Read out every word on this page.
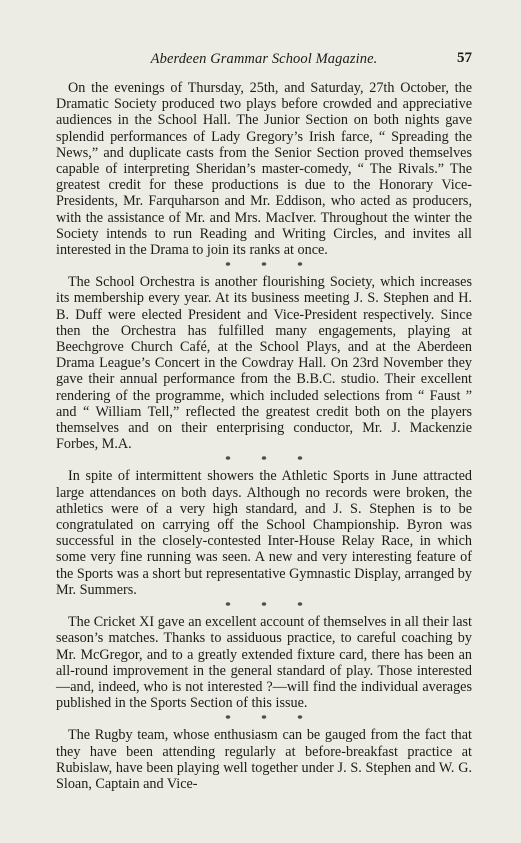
Aberdeen Grammar School Magazine.	57

On the evenings of Thursday, 25th, and Saturday, 27th October, the Dramatic Society produced two plays before crowded and appreciative audiences in the School Hall. The Junior Section on both nights gave splendid performances of Lady Gregory’s Irish farce, “ Spreading the News,” and duplicate casts from the Senior Section proved themselves capable of interpreting Sheridan’s master-comedy, “ The Rivals.” The greatest credit for these productions is due to the Honorary Vice-Presidents, Mr. Farquharson and Mr. Eddison, who acted as producers, with the assistance of Mr. and Mrs. MacIver. Throughout the winter the Society intends to run Reading and Writing Circles, and invites all interested in the Drama to join its ranks at once.

*	*	*

The School Orchestra is another flourishing Society, which increases its membership every year. At its business meeting J. S. Stephen and H. B. Duff were elected President and Vice-President respectively. Since then the Orchestra has fulfilled many engagements, playing at Beechgrove Church Café, at the School Plays, and at the Aberdeen Drama League’s Concert in the Cowdray Hall. On 23rd November they gave their annual performance from the B.B.C. studio. Their excellent rendering of the programme, which included selections from “ Faust ” and “ William Tell,” reflected the greatest credit both on the players themselves and on their enterprising conductor, Mr. J. Mackenzie Forbes, M.A.

*	*	*

In spite of intermittent showers the Athletic Sports in June attracted large attendances on both days. Although no records were broken, the athletics were of a very high standard, and J. S. Stephen is to be congratulated on carrying off the School Championship. Byron was successful in the closely-contested Inter-House Relay Race, in which some very fine running was seen. A new and very interesting feature of the Sports was a short but representative Gymnastic Display, arranged by Mr. Summers.

*	*	*

The Cricket XI gave an excellent account of themselves in all their last season’s matches. Thanks to assiduous practice, to careful coaching by Mr. McGregor, and to a greatly extended fixture card, there has been an all-round improvement in the general standard of play. Those interested—and, indeed, who is not interested ?—will find the individual averages published in the Sports Section of this issue.

*	*	*

The Rugby team, whose enthusiasm can be gauged from the fact that they have been attending regularly at before-breakfast practice at Rubislaw, have been playing well together under J. S. Stephen and W. G. Sloan, Captain and Vice-
